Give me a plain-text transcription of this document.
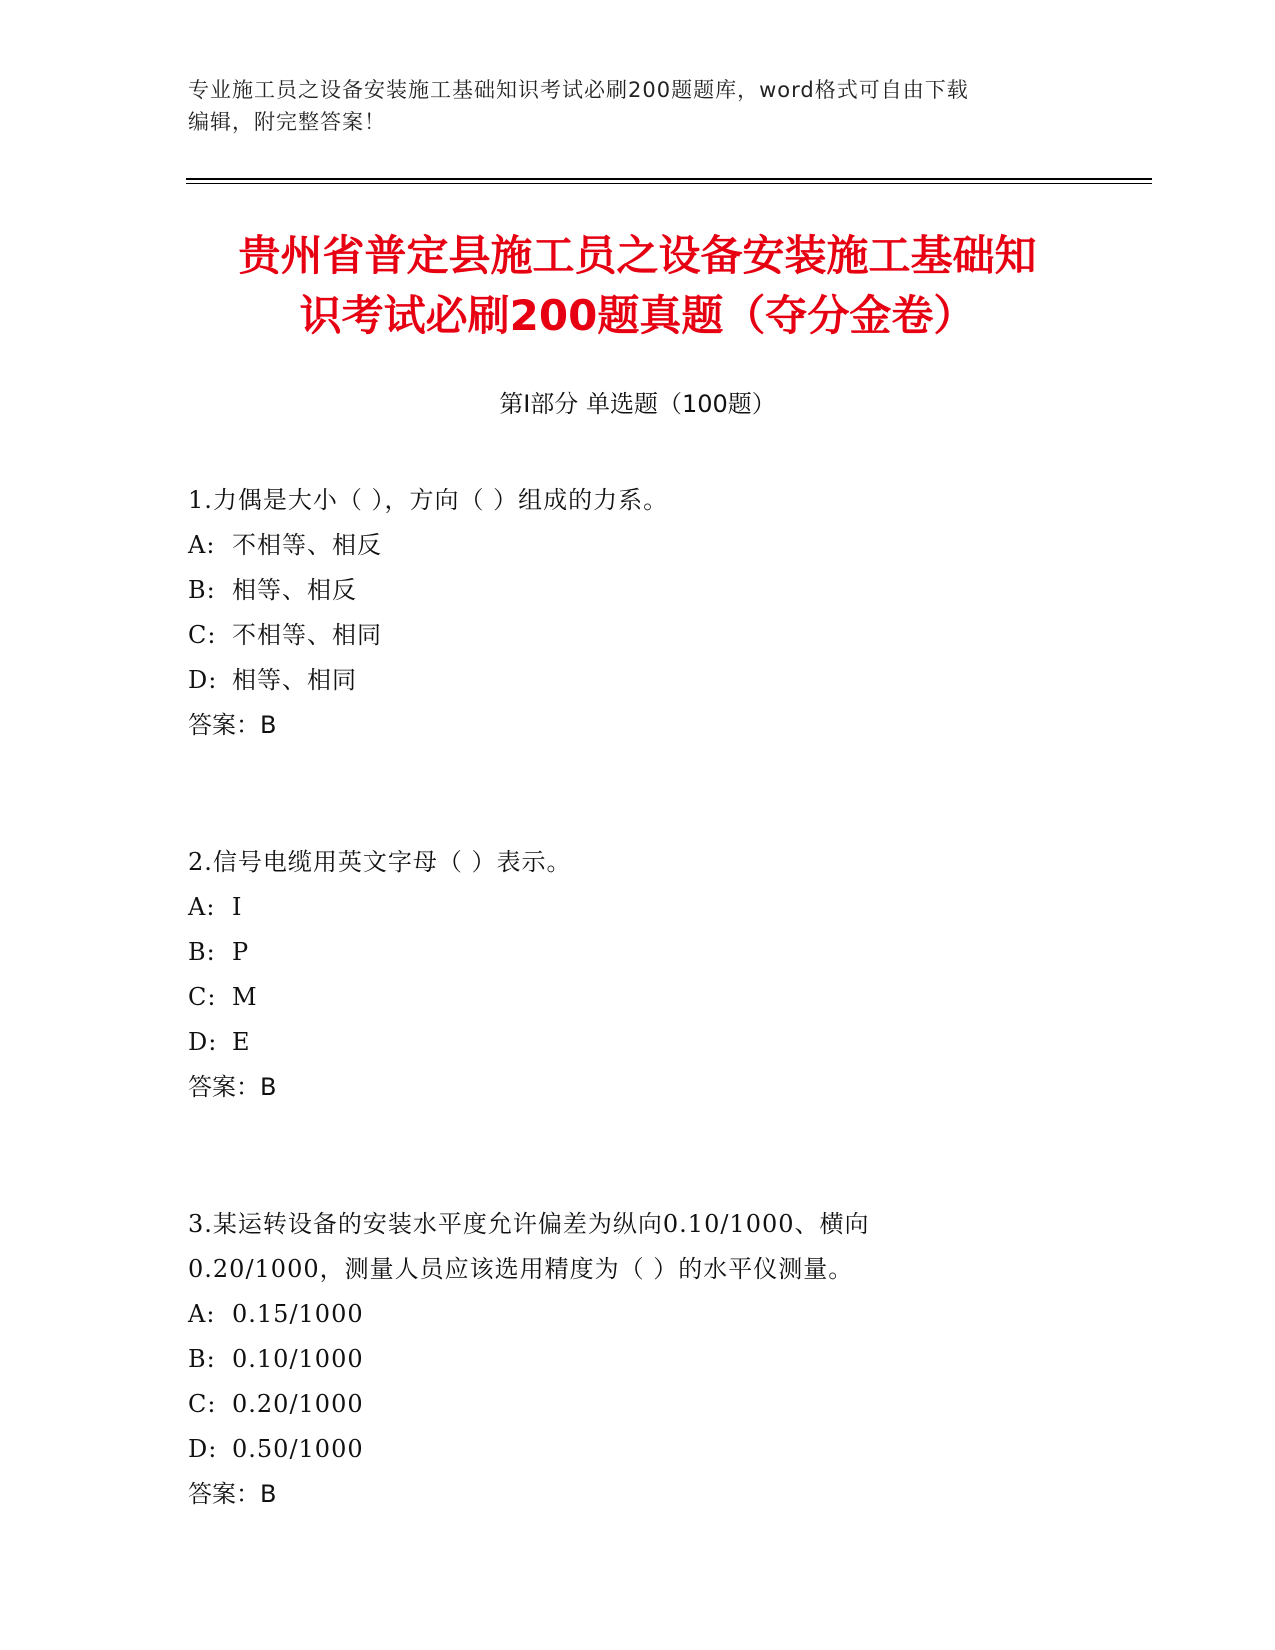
专业施工员之设备安装施工基础知识考试必刷200题题库，word格式可自由下载
编辑，附完整答案！
贵州省普定县施工员之设备安装施工基础知
识考试必刷200题真题（夺分金卷）
第Ⅰ部分 单选题（100题）
1.力偶是大小（ ），方向（ ）组成的力系。
A: 不相等、相反
B: 相等、相反
C: 不相等、相同
D: 相等、相同
答案：B
2.信号电缆用英文字母（ ）表示。
A: I
B: P
C: M
D: E
答案：B
3.某运转设备的安装水平度允许偏差为纵向0.10/1000、横向
0.20/1000，测量人员应该选用精度为（ ）的水平仪测量。
A: 0.15/1000
B: 0.10/1000
C: 0.20/1000
D: 0.50/1000
答案：B
